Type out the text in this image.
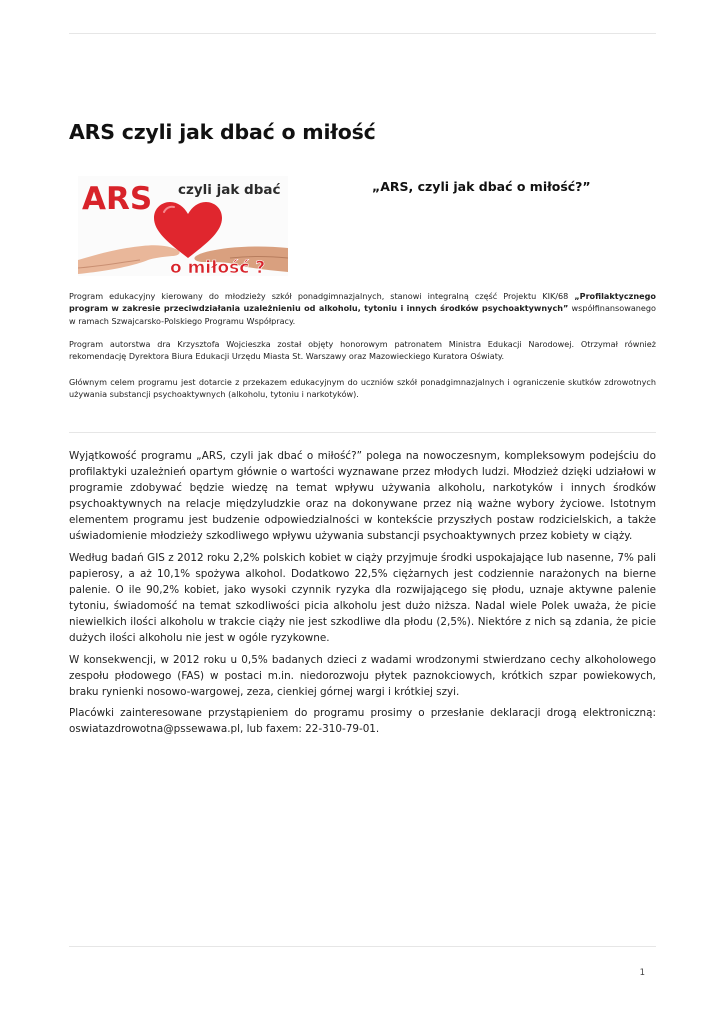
ARS czyli jak dbać o miłość
ARS czyli jak dbać
o miłość ?
„ARS, czyli jak dbać o miłość?”

Program edukacyjny kierowany do młodzieży szkół ponadgimnazjalnych, stanowi integralną część Projektu KIK/68 „Profilaktycznego program w zakresie przeciwdziałania uzależnieniu od alkoholu, tytoniu i innych środków psychoaktywnych” współfinansowanego w ramach Szwajcarsko-Polskiego Programu Współpracy.

Program autorstwa dra Krzysztofa Wojcieszka został objęty honorowym patronatem Ministra Edukacji Narodowej. Otrzymał również rekomendację Dyrektora Biura Edukacji Urzędu Miasta St. Warszawy oraz Mazowieckiego Kuratora Oświaty.

Głównym celem programu jest dotarcie z przekazem edukacyjnym do uczniów szkół ponadgimnazjalnych i ograniczenie skutków zdrowotnych używania substancji psychoaktywnych (alkoholu, tytoniu i narkotyków).

Wyjątkowość programu „ARS, czyli jak dbać o miłość?” polega na nowoczesnym, kompleksowym podejściu do profilaktyki uzależnień opartym głównie o wartości wyznawane przez młodych ludzi. Młodzież dzięki udziałowi w programie zdobywać będzie wiedzę na temat wpływu używania alkoholu, narkotyków i innych środków psychoaktywnych na relacje międzyludzkie oraz na dokonywane przez nią ważne wybory życiowe. Istotnym elementem programu jest budzenie odpowiedzialności w kontekście przyszłych postaw rodzicielskich, a także uświadomienie młodzieży szkodliwego wpływu używania substancji psychoaktywnych przez kobiety w ciąży.

Według badań GIS z 2012 roku 2,2% polskich kobiet w ciąży przyjmuje środki uspokajające lub nasenne, 7% pali papierosy, a aż 10,1% spożywa alkohol. Dodatkowo 22,5% ciężarnych jest codziennie narażonych na bierne palenie. O ile 90,2% kobiet, jako wysoki czynnik ryzyka dla rozwijającego się płodu, uznaje aktywne palenie tytoniu, świadomość na temat szkodliwości picia alkoholu jest dużo niższa. Nadal wiele Polek uważa, że picie niewielkich ilości alkoholu w trakcie ciąży nie jest szkodliwe dla płodu (2,5%). Niektóre z nich są zdania, że picie dużych ilości alkoholu nie jest w ogóle ryzykowne.

W konsekwencji, w 2012 roku u 0,5% badanych dzieci z wadami wrodzonymi stwierdzano cechy alkoholowego zespołu płodowego (FAS) w postaci m.in. niedorozwoju płytek paznokciowych, krótkich szpar powiekowych, braku rynienki nosowo-wargowej, zeza, cienkiej górnej wargi i krótkiej szyi.

Placówki zainteresowane przystąpieniem do programu prosimy o przesłanie deklaracji drogą elektroniczną: oswiatazdrowotna@pssewawa.pl, lub faxem: 22-310-79-01.

1
